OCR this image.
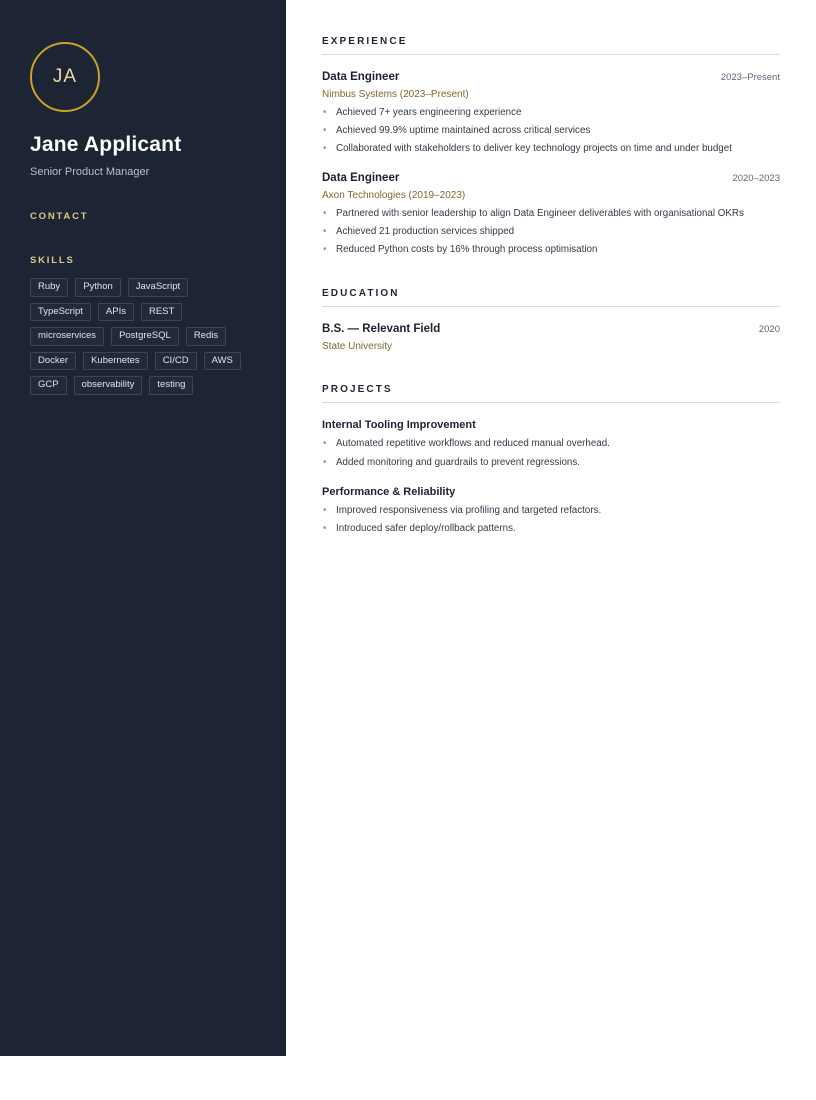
JA
Jane Applicant
Senior Product Manager
CONTACT
SKILLS
Ruby	Python	JavaScript
TypeScript	APIs	REST
microservices	PostgreSQL	Redis
Docker	Kubernetes	CI/CD	AWS
GCP	observability	testing
EXPERIENCE
Data Engineer	2023–Present
Nimbus Systems (2023–Present)
• Achieved 7+ years engineering experience
• Achieved 99.9% uptime maintained across critical services
• Collaborated with stakeholders to deliver key technology projects on time and under budget
Data Engineer	2020–2023
Axon Technologies (2019–2023)
• Partnered with senior leadership to align Data Engineer deliverables with organisational OKRs
• Achieved 21 production services shipped
• Reduced Python costs by 16% through process optimisation
EDUCATION
B.S. — Relevant Field	2020
State University
PROJECTS
Internal Tooling Improvement
• Automated repetitive workflows and reduced manual overhead.
• Added monitoring and guardrails to prevent regressions.
Performance & Reliability
• Improved responsiveness via profiling and targeted refactors.
• Introduced safer deploy/rollback patterns.
